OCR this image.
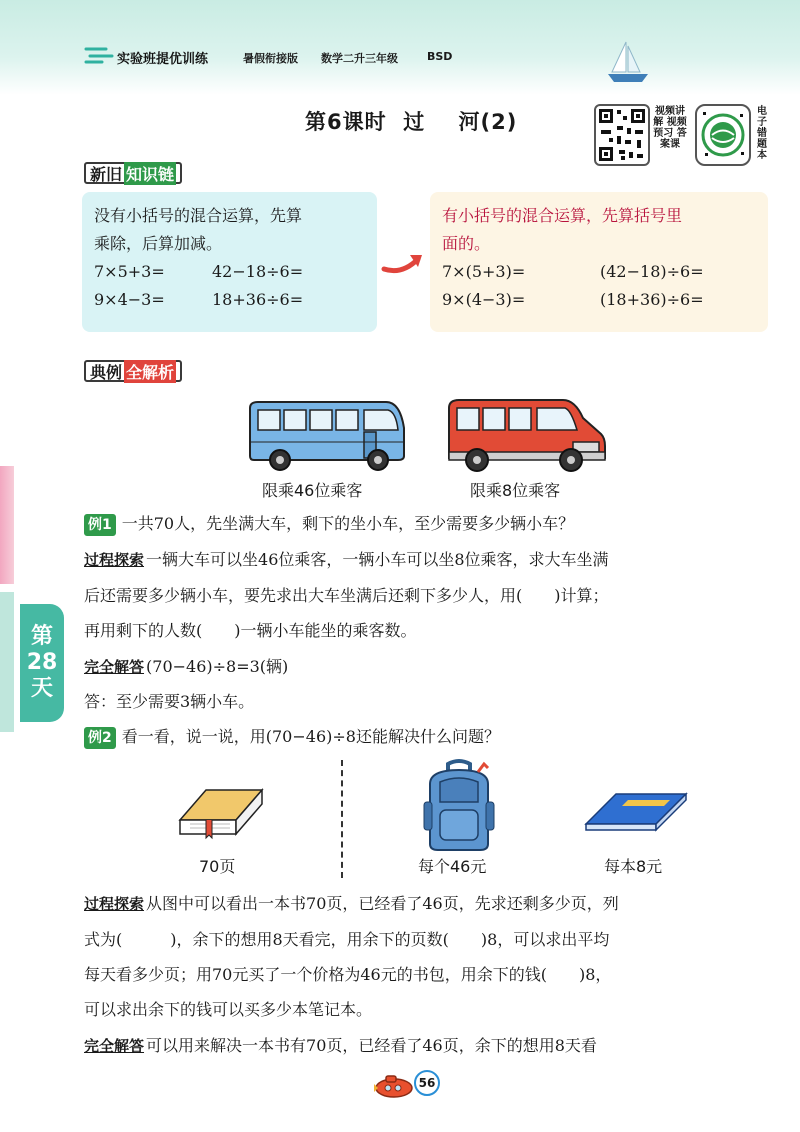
实验班提优训练	暑假衔接版 数学二升三年级	BSD
第6课时 过 河(2)	视频讲解 视频预习 答案课
电子错题本
新旧 知识链
没有小括号的混合运算，先算
乘除，后算加减。
7×5+3=	42−18÷6=
9×4−3=	18+36÷6=
有小括号的混合运算，先算括号里
面的。
7×(5+3)=	(42−18)÷6=
9×(4−3)=	(18+36)÷6=
典例 全解析
限乘46位乘客	限乘8位乘客
例1 一共70人，先坐满大车，剩下的坐小车，至少需要多少辆小车？
过程探索 一辆大车可以坐46位乘客，一辆小车可以坐8位乘客，求大车坐满
后还需要多少辆小车，要先求出大车坐满后还剩下多少人，用(　　)计算；
再用剩下的人数(　　)一辆小车能坐的乘客数。
完全解答 (70−46)÷8=3(辆)
答：至少需要3辆小车。
例2 看一看，说一说，用(70−46)÷8还能解决什么问题？
70页	每个46元	每本8元
过程探索 从图中可以看出一本书70页，已经看了46页，先求还剩多少页，列
式为(　　　)，余下的想用8天看完，用余下的页数(　　)8，可以求出平均
每天看多少页；用70元买了一个价格为46元的书包，用余下的钱(　　)8，
可以求出余下的钱可以买多少本笔记本。
完全解答 可以用来解决一本书有70页，已经看了46页，余下的想用8天看
第
28
天
56
